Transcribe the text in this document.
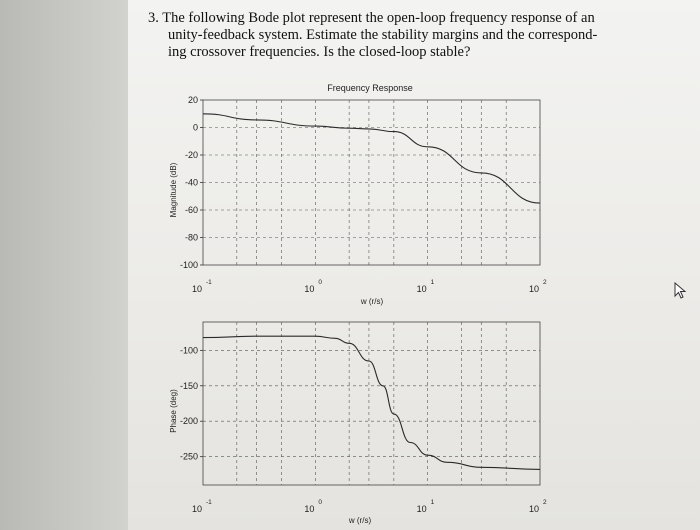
3. The following Bode plot represent the open-loop frequency response of an
unity-feedback system. Estimate the stability margins and the correspond-
ing crossover frequencies. Is the closed-loop stable?
20
0
-20
-40
-60
-80
-100
10
-1
10
0
10
1
10
2
Frequency Response
w (r/s)
Magnitude (dB)
-100
-150
-200
-250
10
-1
10
0
10
1
10
2
w (r/s)
Phase (deg)
